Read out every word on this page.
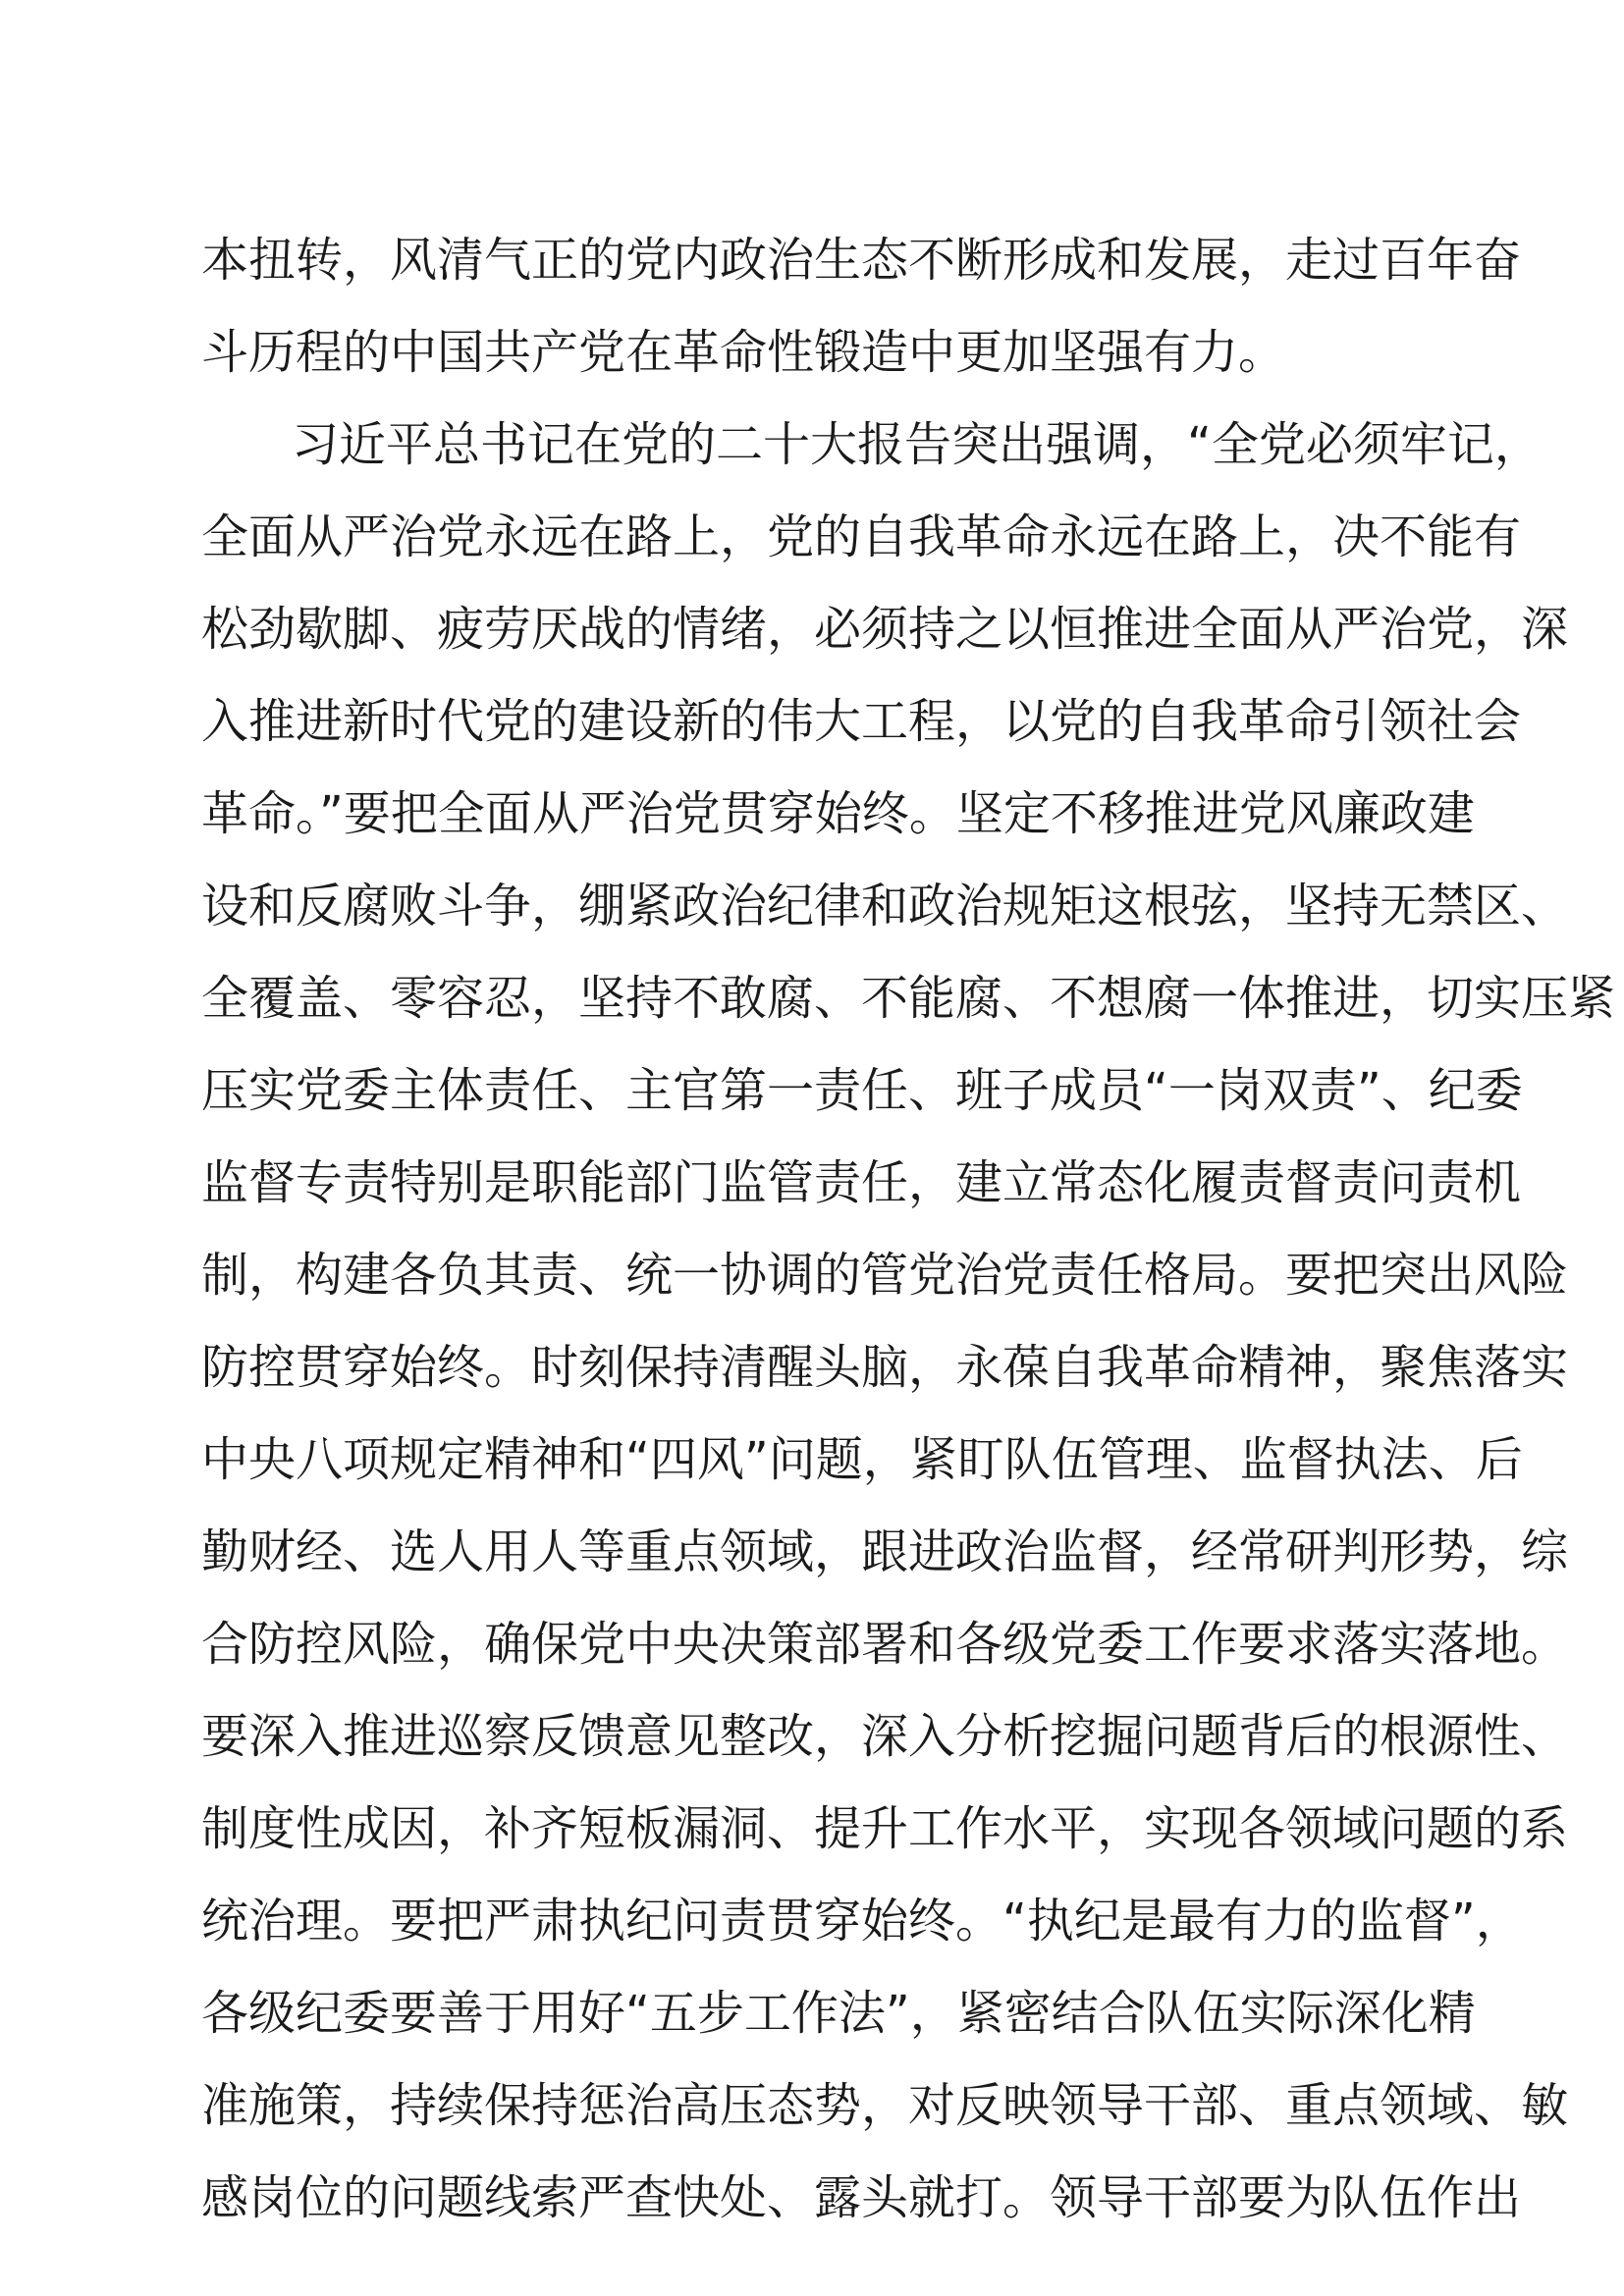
本扭转，风清气正的党内政治生态不断形成和发展，走过百年奋
斗历程的中国共产党在革命性锻造中更加坚强有力。
习近平总书记在党的二十大报告突出强调，“全党必须牢记，
全面从严治党永远在路上，党的自我革命永远在路上，决不能有
松劲歇脚、疲劳厌战的情绪，必须持之以恒推进全面从严治党，深
入推进新时代党的建设新的伟大工程，以党的自我革命引领社会
革命。”要把全面从严治党贯穿始终。坚定不移推进党风廉政建
设和反腐败斗争，绷紧政治纪律和政治规矩这根弦，坚持无禁区、
全覆盖、零容忍，坚持不敢腐、不能腐、不想腐一体推进，切实压紧
压实党委主体责任、主官第一责任、班子成员“一岗双责”、纪委
监督专责特别是职能部门监管责任，建立常态化履责督责问责机
制，构建各负其责、统一协调的管党治党责任格局。要把突出风险
防控贯穿始终。时刻保持清醒头脑，永葆自我革命精神，聚焦落实
中央八项规定精神和“四风”问题，紧盯队伍管理、监督执法、后
勤财经、选人用人等重点领域，跟进政治监督，经常研判形势，综
合防控风险，确保党中央决策部署和各级党委工作要求落实落地。
要深入推进巡察反馈意见整改，深入分析挖掘问题背后的根源性、
制度性成因，补齐短板漏洞、提升工作水平，实现各领域问题的系
统治理。要把严肃执纪问责贯穿始终。“执纪是最有力的监督”，
各级纪委要善于用好“五步工作法”，紧密结合队伍实际深化精
准施策，持续保持惩治高压态势，对反映领导干部、重点领域、敏
感岗位的问题线索严查快处、露头就打。领导干部要为队伍作出
